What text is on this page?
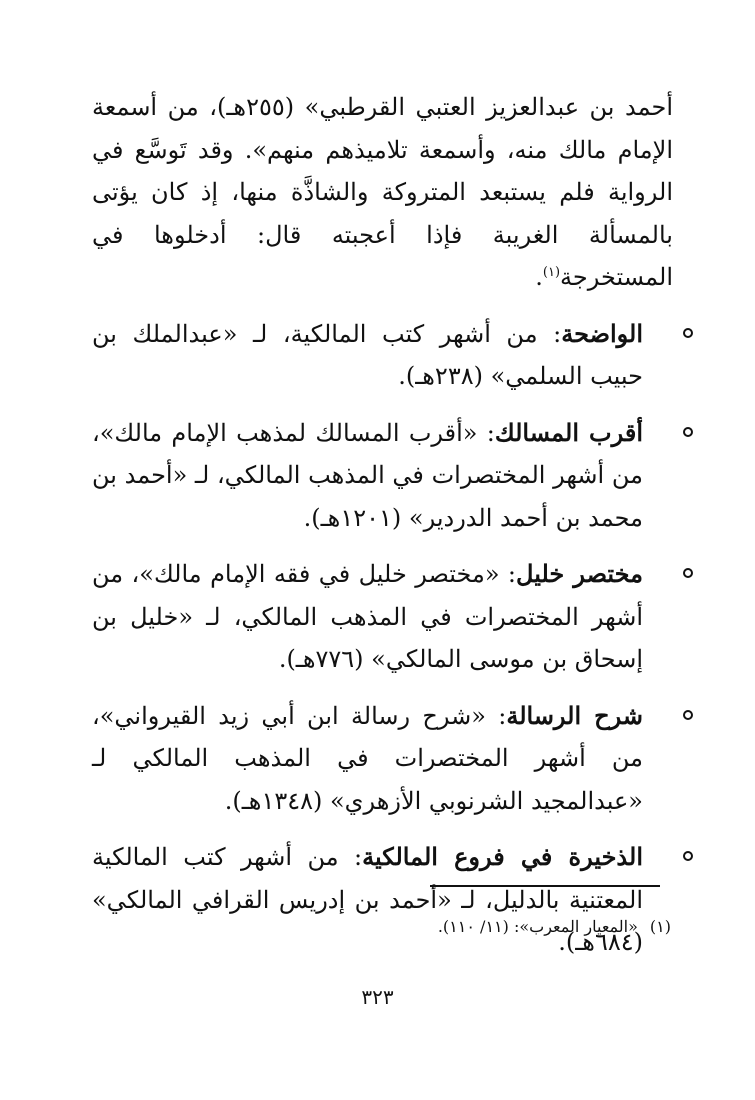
أحمد بن عبدالعزيز العتبي القرطبي» (٢٥٥هـ)، من أسمعة الإمام مالك منه، وأسمعة تلاميذهم منهم». وقد تَوسَّع في الرواية فلم يستبعد المتروكة والشاذَّة منها، إذ كان يؤتى بالمسألة الغريبة فإذا أعجبته قال: أدخلوها في المستخرجة$^{(١)}$.
الواضحة: من أشهر كتب المالكية، لـ «عبدالملك بن حبيب السلمي» (٢٣٨هـ).
أقرب المسالك: «أقرب المسالك لمذهب الإمام مالك»، من أشهر المختصرات في المذهب المالكي، لـ «أحمد بن محمد بن أحمد الدردير» (١٢٠١هـ).
مختصر خليل: «مختصر خليل في فقه الإمام مالك»، من أشهر المختصرات في المذهب المالكي، لـ «خليل بن إسحاق بن موسى المالكي» (٧٧٦هـ).
شرح الرسالة: «شرح رسالة ابن أبي زيد القيرواني»، من أشهر المختصرات في المذهب المالكي لـ «عبدالمجيد الشرنوبي الأزهري» (١٣٤٨هـ).
الذخيرة في فروع المالكية: من أشهر كتب المالكية المعتنية بالدليل، لـ «أحمد بن إدريس القرافي المالكي» (٦٨٤هـ).
(١)«المعيار المعرب»: (١١/ ١١٠).
٣٢٣
